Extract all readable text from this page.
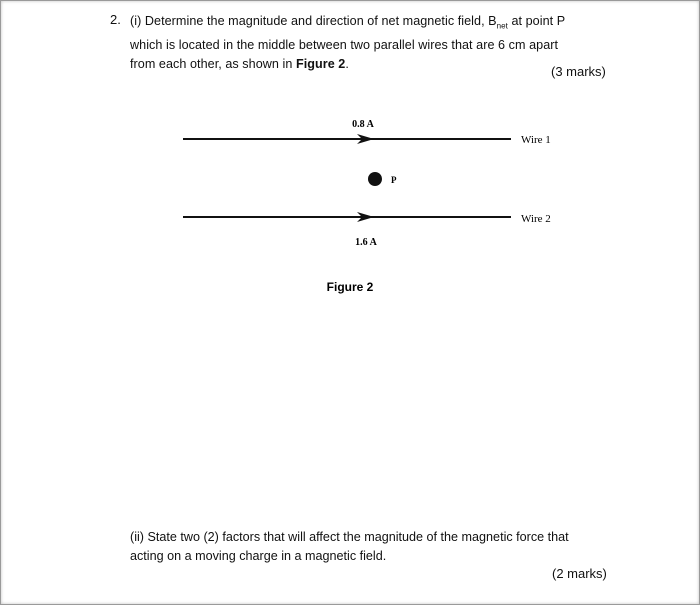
2. (i) Determine the magnitude and direction of net magnetic field, $B_{net}$ at point P
which is located in the middle between two parallel wires that are 6 cm apart
from each other, as shown in Figure 2.
(3 marks)
0.8 A
Wire 1
P
Wire 2
1.6 A
Figure 2
(ii) State two (2) factors that will affect the magnitude of the magnetic force that
acting on a moving charge in a magnetic field.
(2 marks)
